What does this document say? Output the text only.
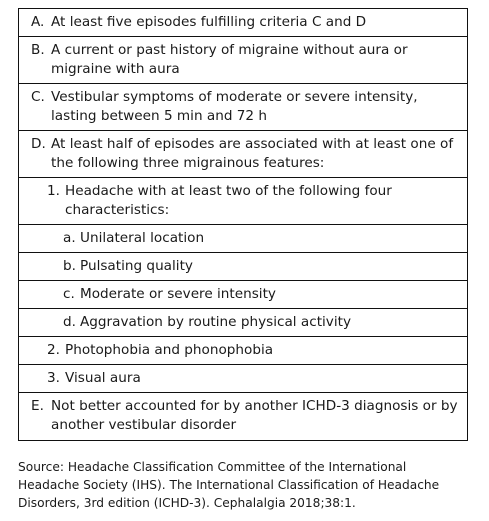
A. At least five episodes fulfilling criteria C and D
B. A current or past history of migraine without aura or migraine with aura
C. Vestibular symptoms of moderate or severe intensity, lasting between 5 min and 72 h
D. At least half of episodes are associated with at least one of the following three migrainous features:
1. Headache with at least two of the following four characteristics:
a. Unilateral location
b. Pulsating quality
c. Moderate or severe intensity
d. Aggravation by routine physical activity
2. Photophobia and phonophobia
3. Visual aura
E. Not better accounted for by another ICHD-3 diagnosis or by another vestibular disorder
Source: Headache Classification Committee of the International Headache Society (IHS). The International Classification of Headache Disorders, 3rd edition (ICHD-3). Cephalalgia 2018;38:1.
